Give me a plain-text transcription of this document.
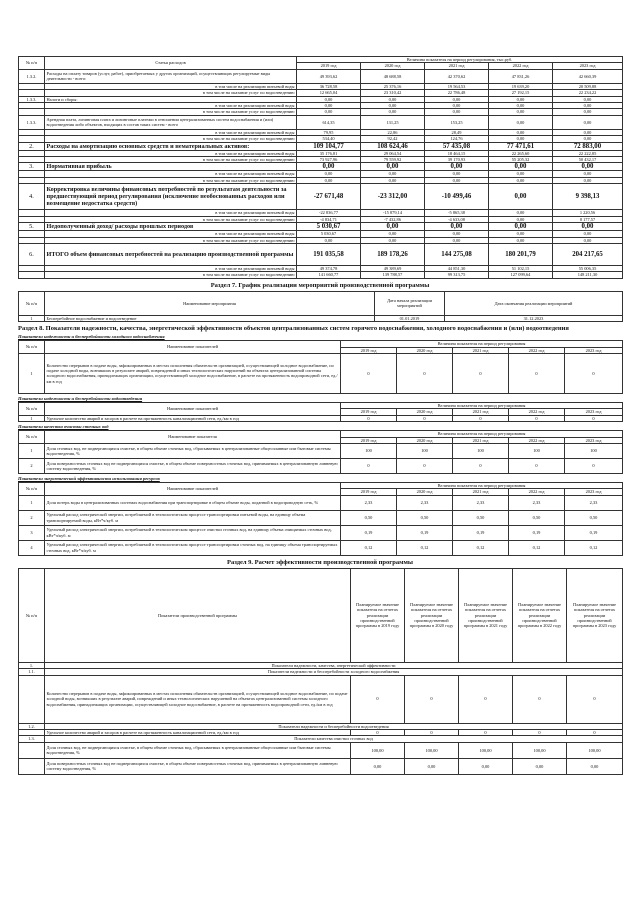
№ п/п	Статья расходов	Величина показателя на период регулирования, тыс.руб.				
		2019 год	2020 год	2021 год	2022 год	2023 год
1.3.2.	Расходы на оплату товаров (услуг, работ), приобретаемых у других организаций, осуществляющих регулируемые виды деятельности - всего:	49 393,62	48 688,58	42 370,62	47 831,26	42 660,39
	в том числе на реализацию питьевой воды	36 728,58	25 376,16	19 564,53	19 639,20	20 509,88
	в том числе на оказание услуг по водоотведению	12 665,04	23 310,42	22 786,48	27 192,15	22 234,22
1.3.3.	Налоги и сборы:	0,00	0,00	0,00	0,00	0,00
	в том числе на реализацию питьевой воды	0,00	0,00	0,00	0,00	0,00
	в том числе на оказание услуг по водоотведению	0,00	0,00	0,00	0,00	0,00
1.3.3.	Арендная плата, лизинговая плата и лизинговые платежи в отношении централизованных систем водоснабжения и (или) водоотведения либо объектов, входящих в состав таких систем - всего	614,35	131,25	153,25	0,00	0,00
	в том числе на реализацию питьевой воды	79,95	22,86	28,49	0,00	0,00
	в том числе на оказание услуг по водоотведению	534,40	92,42	124,76	0,00	0,00
2.	Расходы на амортизацию основных средств и нематериальных активов:	109 104,77	108 624,46	57 435,08	77 471,61	72 883,00
	в том числе на реализацию питьевой воды	35 176,81	29 064,54	18 464,15	22 265,60	22 222,85
	в том числе на оказание услуг по водоотведению	73 927,96	79 559,92	39 170,93	55 205,32	50 432,17
3.	Нормативная прибыль	0,00	0,00	0,00	0,00	0,00
	в том числе на реализацию питьевой воды	0,00	0,00	0,00	0,00	0,00
	в том числе на оказание услуг по водоотведению	0,00	0,00	0,00	0,00	0,00
4.	Корректировка величины финансовых потребностей по результатам деятельности за предшествующий период регулирования (исключение необоснованных расходов или возмещение недостатка средств)	-27 671,48	-23 312,00	-10 499,46	0,00	9 398,13
	в том числе на реализацию питьевой воды	-22 836,77	-15 879,14	-5 865,38	0,00	1 220,56
	в том числе на оказание услуг по водоотведению	-4 834,71	-7 432,86	-4 633,08	0,00	8 177,57
5.	Недополученный доход/ расходы прошлых периодов	5 030,67	0,00	0,00	0,00	0,00
	в том числе на реализацию питьевой воды	5 030,67	0,00	0,00	0,00	0,00
	в том числе на оказание услуг по водоотведению	0,00	0,00	0,00	0,00	0,00
6.	ИТОГО объем финансовых потребностей на реализацию производственной программы	191 035,58	189 178,26	144 275,08	180 201,79	204 217,65
	в том числе на реализацию питьевой воды	49 374,78	49 389,69	44 851,30	51 102,15	55 006,35
	в том числе на оказание услуг по водоотведению	141 660,77	139 788,57	99 313,75	127 099,64	148 211,30
Раздел 7. График реализации мероприятий производственной программы
№ п/п	Наименование мероприятия	Дата начала реализации мероприятий	Дата окончания реализации мероприятий
1	Бесперебойное водоснабжение и водоотведение	01.01.2019	31.12.2023
Раздел 8. Показатели надежности, качества, энергетической эффективности объектов централизованных систем горячего водоснабжения, холодного водоснабжения и (или) водоотведения
Показатели надежности и бесперебойности холодного водоснабжения
№ п/п	Наименование показателей	Величина показателя на период регулирования				
		2019 год	2020 год	2021 год	2022 год	2023 год
1	Количество перерывов в подаче воды, зафиксированных в местах исполнения обязательств организацией, осуществляющей холодное водоснабжение, по подаче холодной воды, возникших в результате аварий, повреждений и иных технологических нарушений на объектах централизованной системы холодного водоснабжения, принадлежащих организации, осуществляющей холодное водоснабжение, в расчете на протяженность водопроводной сети, ед./км в год	0	0	0	0	0
Показатели надежности и бесперебойности водоотведения
№ п/п	Наименование показателей	Величина показателя на период регулирования				
		2019 год	2020 год	2021 год	2022 год	2023 год
1	Удельное количество аварий и засоров в расчете на протяженность канализационной сети, ед./км в год	0	0	0	0	0
Показатели качества очистки сточных вод
№ п/п	Наименование показателя	Величина показателя на период регулирования				
		2019 год	2020 год	2021 год	2022 год	2023 год
1	Доля сточных вод, не подвергающихся очистке, в общем объеме сточных вод, сбрасываемых в централизованные общесплавные или бытовые системы водоотведения, %	100	100	100	100	100
2	Доля поверхностных сточных вод не подвергающихся очистке, в общем объеме поверхностных сточных вод, принимаемых в централизованную ливневую систему водоотведения, %	0	0	0	0	0
Показатели энергетической эффективности использования ресурсов
№ п/п	Наименование показателей	Величина показателя на период регулирования				
		2019 год	2020 год	2021 год	2022 год	2023 год
1	Доля потерь воды в централизованных системах водоснабжения при транспортировке в общем объеме воды, поданной в водопроводную сеть, %	2,33	2,33	2,33	2,33	2,33
2	Удельный расход электрической энергии, потребляемой в технологическом процессе транспортировки питьевой воды, на единицу объема транспортируемой воды, кВт*ч/куб. м	0,50	0,50	0,50	0,50	0,50
3	Удельный расход электрической энергии, потребляемой в технологическом процессе очистки сточных вод, на единицу объема очищаемых сточных вод, кВт*ч/куб. м	0,19	0,19	0,19	0,19	0,19
4	Удельный расход электрической энергии, потребляемой в технологическом процессе транспортировки сточных вод, на единицу объема транспортируемых сточных вод, кВт*ч/куб. м	0,12	0,12	0,12	0,12	0,12
Раздел 9. Расчет эффективности производственной программы
№ п/п	Показатели производственной программы	Планируемое значение показателя на отчетах реализации производственной программы в 2019 году	Планируемое значение показателя на отчетах реализации производственной программы в 2020 году	Планируемое значение показателя на отчетах реализации производственной программы в 2021 году	Планируемое значение показателя на отчетах реализации производственной программы в 2022 году	Планируемое значение показателя на отчетах реализации производственной программы в 2023 году
1.	Показатели надежности, качества, энергетической эффективности					
1.1.	Показатели надежности и бесперебойности холодного водоснабжения					
	Количество перерывов в подаче воды, зафиксированных в местах исполнения обязательств организацией, осуществляющей холодное водоснабжение, по подаче холодной воды, возникших в результате аварий, повреждений и иных технологических нарушений на объектах централизованной системы холодного водоснабжения, принадлежащих организации, осуществляющей холодное водоснабжение, в расчете на протяженность водопроводной сети, ед./км в год	0	0	0	0	0
1.2.	Показатели надежности и бесперебойности водоотведения					
	Удельное количество аварий и засоров в расчете на протяженность канализационной сети, ед./км в год	0	0	0	0	0
1.3.	Показатели качества очистки сточных вод					
	Доля сточных вод, не подвергающихся очистке, в общем объеме сточных вод, сбрасываемых в централизованные общесплавные или бытовые системы водоотведения, %	100,00	100,00	100,00	100,00	100,00
	Доля поверхностных сточных вод не подвергающихся очистке, в общем объеме поверхностных сточных вод, принимаемых в централизованную ливневую систему водоотведения, %	0,00	0,00	0,00	0,00	0,00
